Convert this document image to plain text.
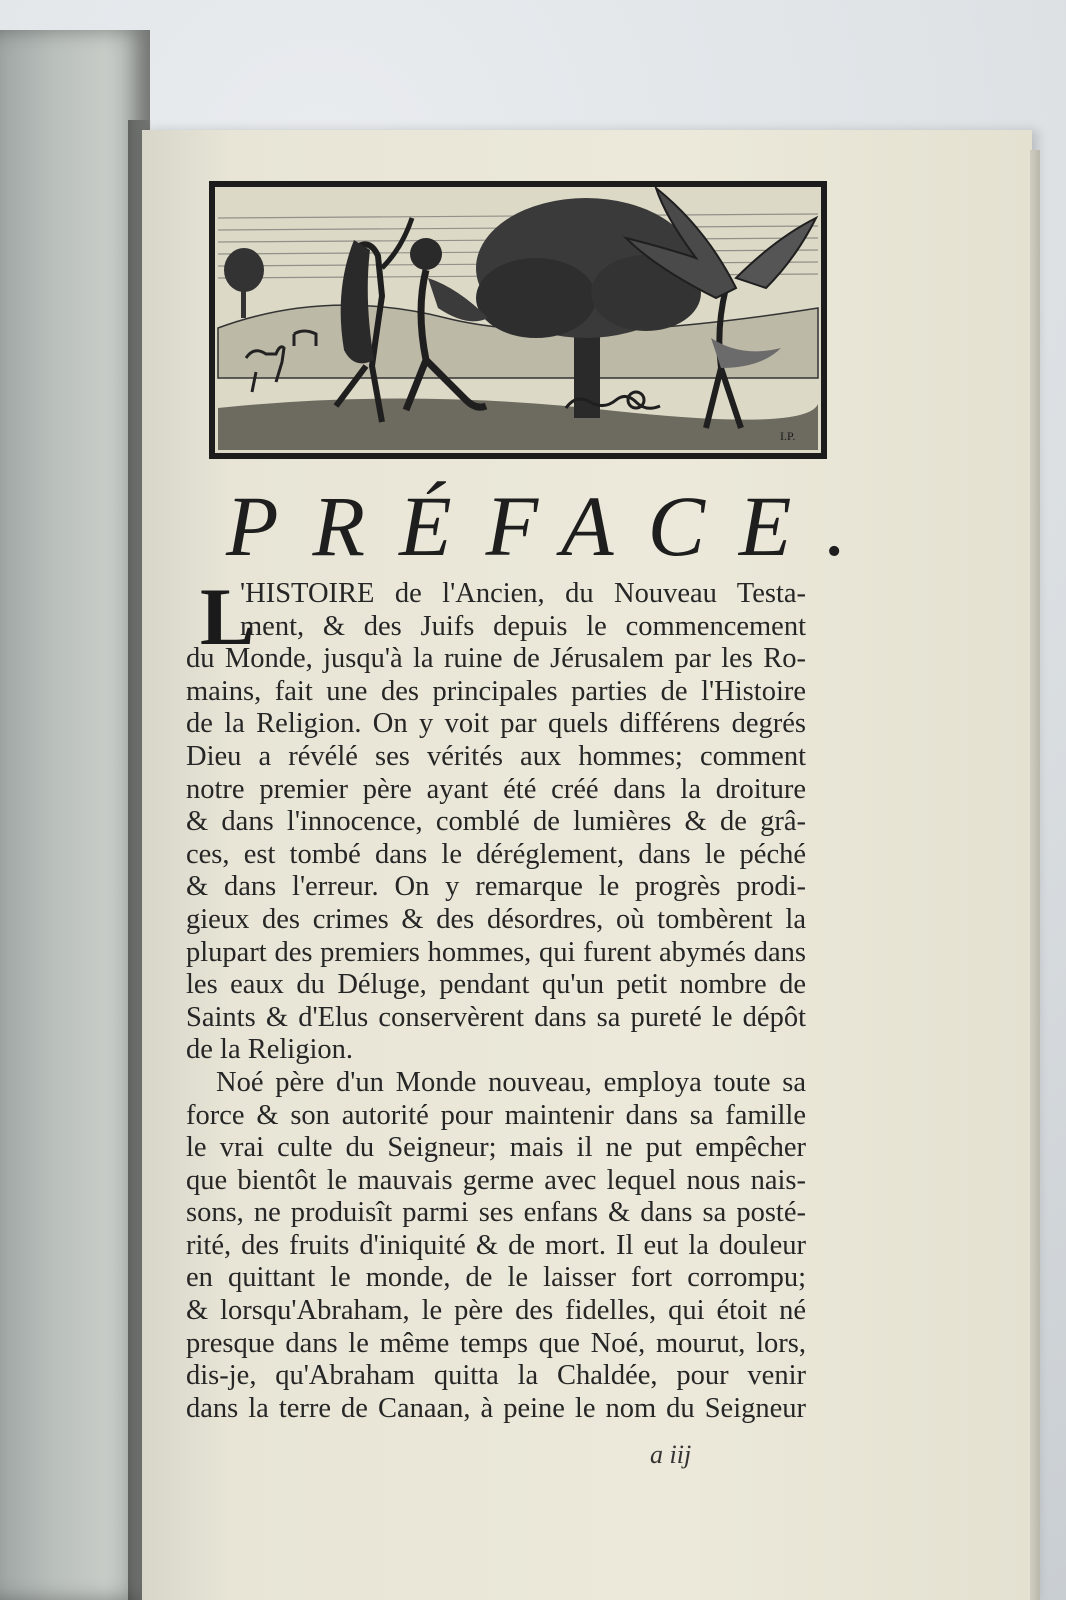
I.P.
PRÉFACE.
L
'HISTOIRE de l'Ancien, du Nouveau Testa-
ment, & des Juifs depuis le commencement
du Monde, jusqu'à la ruine de Jérusalem par les Ro-
mains, fait une des principales parties de l'Histoire
de la Religion. On y voit par quels différens degrés
Dieu a révélé ses vérités aux hommes; comment
notre premier père ayant été créé dans la droiture
& dans l'innocence, comblé de lumières & de grâ-
ces, est tombé dans le déréglement, dans le péché
& dans l'erreur. On y remarque le progrès prodi-
gieux des crimes & des désordres, où tombèrent la
plupart des premiers hommes, qui furent abymés dans
les eaux du Déluge, pendant qu'un petit nombre de
Saints & d'Elus conservèrent dans sa pureté le dépôt
de la Religion.
Noé père d'un Monde nouveau, employa toute sa
force & son autorité pour maintenir dans sa famille
le vrai culte du Seigneur; mais il ne put empêcher
que bientôt le mauvais germe avec lequel nous nais-
sons, ne produisît parmi ses enfans & dans sa posté-
rité, des fruits d'iniquité & de mort. Il eut la douleur
en quittant le monde, de le laisser fort corrompu;
& lorsqu'Abraham, le père des fidelles, qui étoit né
presque dans le même temps que Noé, mourut, lors,
dis-je, qu'Abraham quitta la Chaldée, pour venir
dans la terre de Canaan, à peine le nom du Seigneur
a iij
